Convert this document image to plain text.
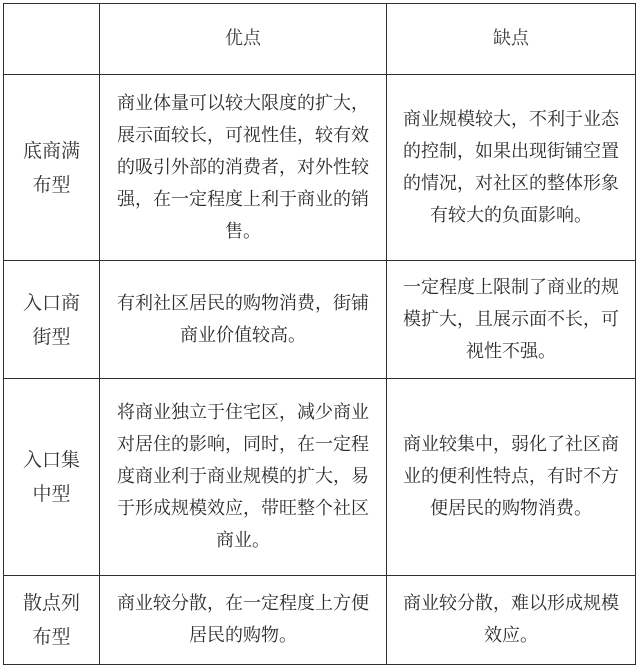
	优点	缺点
底商满布型	商业体量可以较大限度的扩大，展示面较长，可视性佳，较有效的吸引外部的消费者，对外性较强，在一定程度上利于商业的销售。	商业规模较大，不利于业态的控制，如果出现街铺空置的情况，对社区的整体形象有较大的负面影响。
入口商街型	有利社区居民的购物消费，街铺商业价值较高。	一定程度上限制了商业的规模扩大，且展示面不长，可视性不强。
入口集中型	将商业独立于住宅区，减少商业对居住的影响，同时，在一定程度商业利于商业规模的扩大，易于形成规模效应，带旺整个社区商业。	商业较集中，弱化了社区商业的便利性特点，有时不方便居民的购物消费。
散点列布型	商业较分散，在一定程度上方便居民的购物。	商业较分散，难以形成规模效应。
